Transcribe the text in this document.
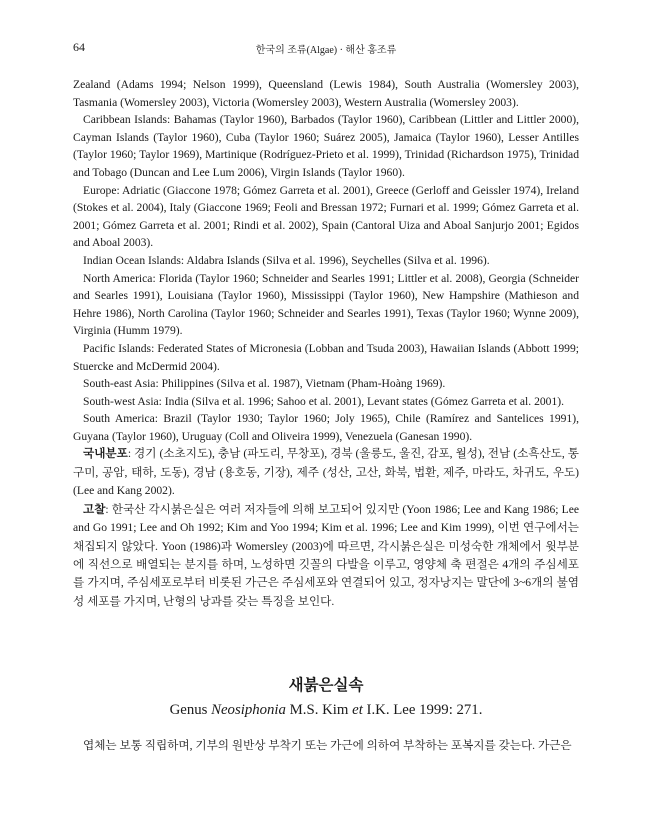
64	한국의 조류(Algae) · 해산 홍조류

Zealand (Adams 1994; Nelson 1999), Queensland (Lewis 1984), South Australia (Womersley 2003), Tasmania (Womersley 2003), Victoria (Womersley 2003), Western Australia (Womersley 2003).

Caribbean Islands: Bahamas (Taylor 1960), Barbados (Taylor 1960), Caribbean (Littler and Littler 2000), Cayman Islands (Taylor 1960), Cuba (Taylor 1960; Suárez 2005), Jamaica (Taylor 1960), Lesser Antilles (Taylor 1960; Taylor 1969), Martinique (Rodríguez-Prieto et al. 1999), Trinidad (Richardson 1975), Trinidad and Tobago (Duncan and Lee Lum 2006), Virgin Islands (Taylor 1960).

Europe: Adriatic (Giaccone 1978; Gómez Garreta et al. 2001), Greece (Gerloff and Geissler 1974), Ireland (Stokes et al. 2004), Italy (Giaccone 1969; Feoli and Bressan 1972; Furnari et al. 1999; Gómez Garreta et al. 2001; Gómez Garreta et al. 2001; Rindi et al. 2002), Spain (Cantoral Uiza and Aboal Sanjurjo 2001; Egidos and Aboal 2003).

Indian Ocean Islands: Aldabra Islands (Silva et al. 1996), Seychelles (Silva et al. 1996).

North America: Florida (Taylor 1960; Schneider and Searles 1991; Littler et al. 2008), Georgia (Schneider and Searles 1991), Louisiana (Taylor 1960), Mississippi (Taylor 1960), New Hampshire (Mathieson and Hehre 1986), North Carolina (Taylor 1960; Schneider and Searles 1991), Texas (Taylor 1960; Wynne 2009), Virginia (Humm 1979).

Pacific Islands: Federated States of Micronesia (Lobban and Tsuda 2003), Hawaiian Islands (Abbott 1999; Stuercke and McDermid 2004).

South-east Asia: Philippines (Silva et al. 1987), Vietnam (Pham-Hoàng 1969).

South-west Asia: India (Silva et al. 1996; Sahoo et al. 2001), Levant states (Gómez Garreta et al. 2001).

South America: Brazil (Taylor 1930; Taylor 1960; Joly 1965), Chile (Ramírez and Santelices 1991), Guyana (Taylor 1960), Uruguay (Coll and Oliveira 1999), Venezuela (Ganesan 1990).

국내분포: 경기 (소초지도), 충남 (파도리, 무창포), 경북 (울릉도, 울진, 감포, 월성), 전남 (소흑산도, 통구미, 공암, 태하, 도동), 경남 (용호동, 기장), 제주 (성산, 고산, 화북, 법환, 제주, 마라도, 차귀도, 우도) (Lee and Kang 2002).

고찰: 한국산 각시붉은실은 여러 저자들에 의해 보고되어 있지만 (Yoon 1986; Lee and Kang 1986; Lee and Go 1991; Lee and Oh 1992; Kim and Yoo 1994; Kim et al. 1996; Lee and Kim 1999), 이번 연구에서는 채집되지 않았다. Yoon (1986)과 Womersley (2003)에 따르면, 각시붉은실은 미성숙한 개체에서 윗부분에 직선으로 배열되는 분지를 하며, 노성하면 깃꼴의 다발을 이루고, 영양체 축 편절은 4개의 주심세포를 가지며, 주심세포로부터 비롯된 가근은 주심세포와 연결되어 있고, 정자낭지는 말단에 3~6개의 불염성 세포를 가지며, 난형의 낭과를 갖는 특징을 보인다.

새붉은실속

Genus Neosiphonia M.S. Kim et I.K. Lee 1999: 271.

엽체는 보통 직립하며, 기부의 원반상 부착기 또는 가근에 의하여 부착하는 포복지를 갖는다. 가근은
